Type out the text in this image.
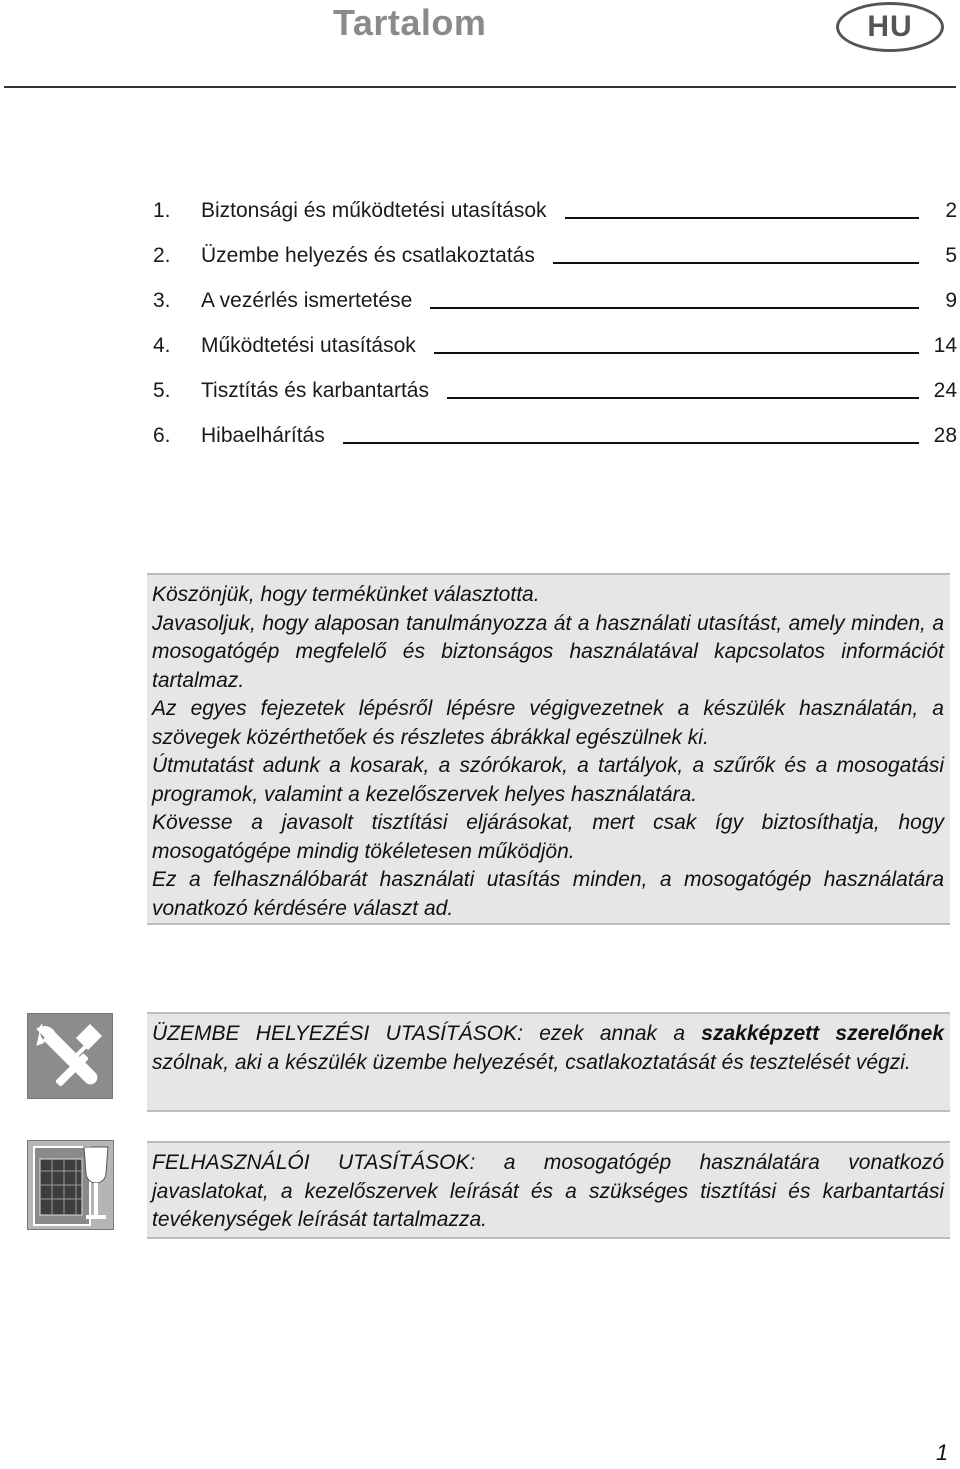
Tartalom	HU
1.	Biztonsági és működtetési utasítások	2
2.	Üzembe helyezés és csatlakoztatás	5
3.	A vezérlés ismertetése	9
4.	Működtetési utasítások	14
5.	Tisztítás és karbantartás	24
6.	Hibaelhárítás	28

Köszönjük, hogy termékünket választotta.

Javasoljuk, hogy alaposan tanulmányozza át a használati utasítást, amely minden, a mosogatógép megfelelő és biztonságos használatával kapcsolatos információt tartalmaz.

Az egyes fejezetek lépésről lépésre végigvezetnek a készülék használatán, a szövegek közérthetőek és részletes ábrákkal egészülnek ki.

Útmutatást adunk a kosarak, a szórókarok, a tartályok, a szűrők és a mosogatási programok, valamint a kezelőszervek helyes használatára.

Kövesse a javasolt tisztítási eljárásokat, mert csak így biztosíthatja, hogy mosogatógépe mindig tökéletesen működjön.

Ez a felhasználóbarát használati utasítás minden, a mosogatógép használatára vonatkozó kérdésére választ ad.

ÜZEMBE HELYEZÉSI UTASÍTÁSOK: ezek annak a szakképzett szerelőnek szólnak, aki a készülék üzembe helyezését, csatlakoztatását és tesztelését végzi.
FELHASZNÁLÓI UTASÍTÁSOK: a mosogatógép használatára vonatkozó javaslatokat, a kezelőszervek leírását és a szükséges tisztítási és karbantartási tevékenységek leírását tartalmazza.
1
